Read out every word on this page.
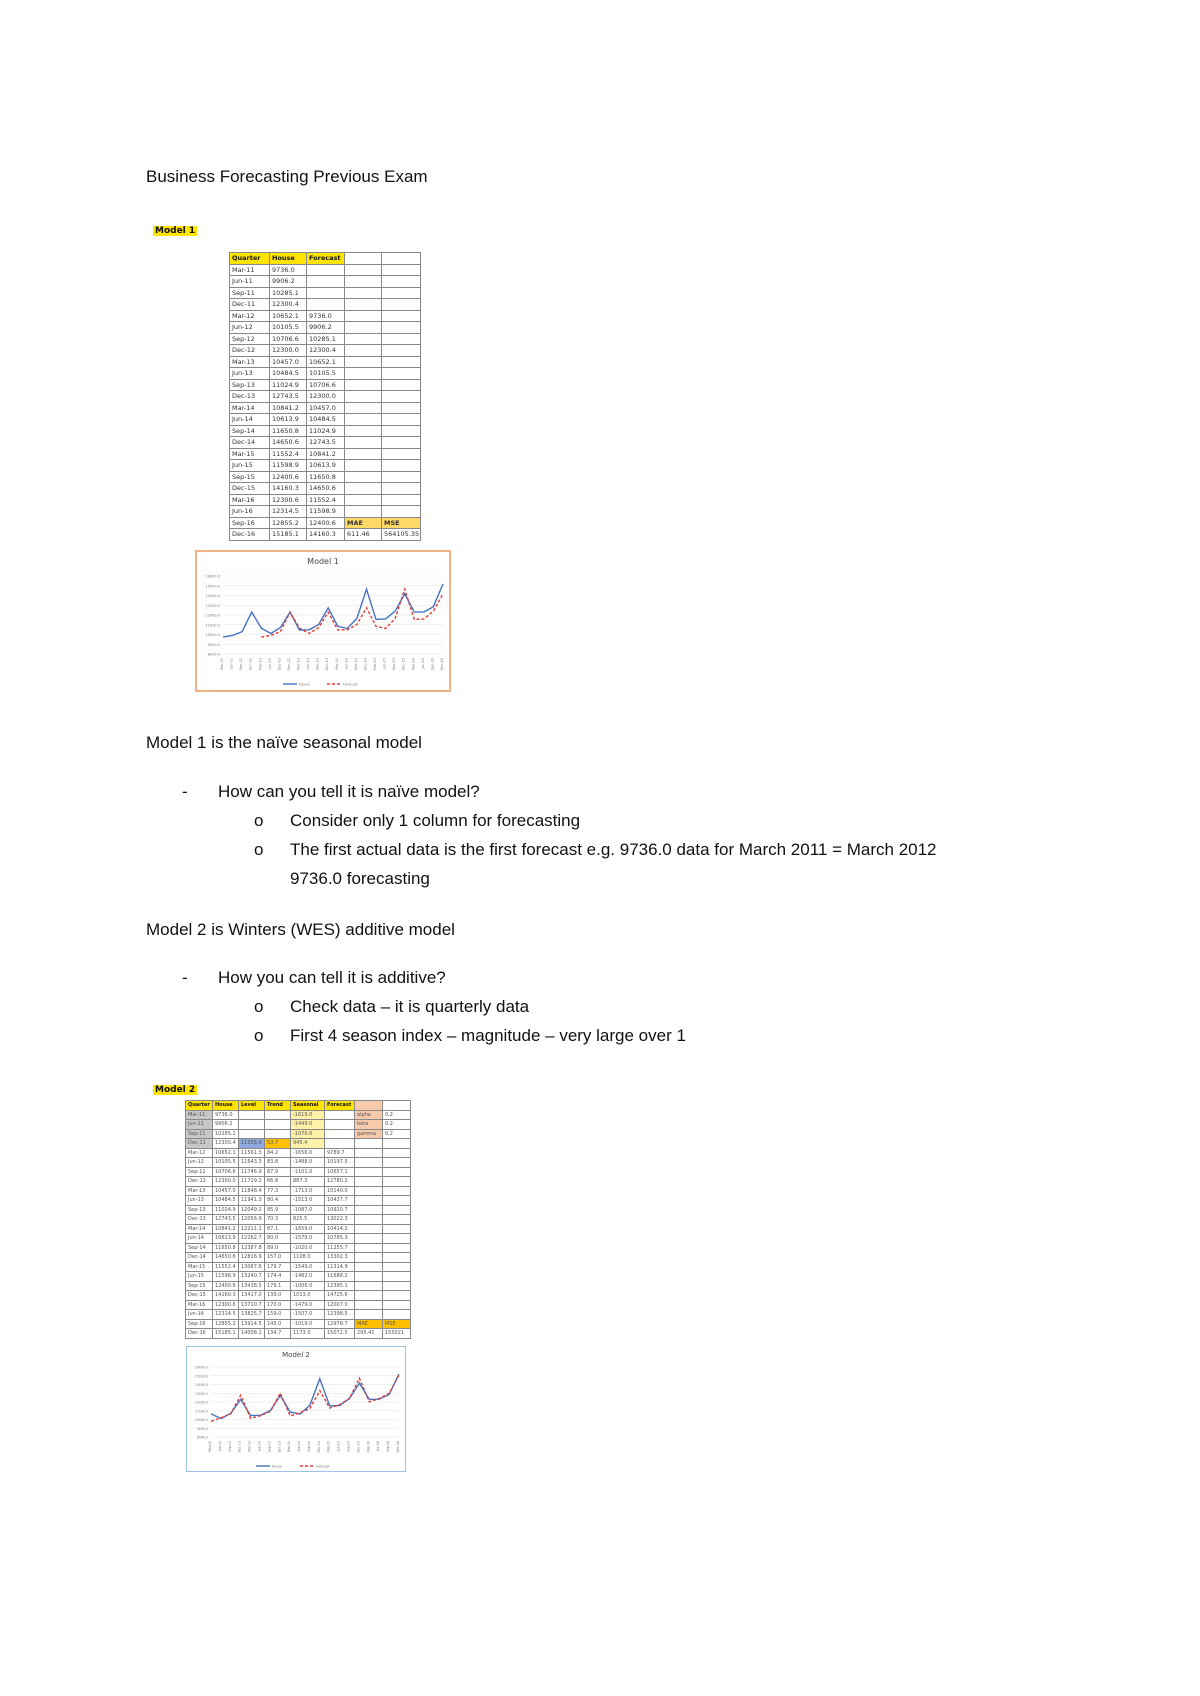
Business Forecasting Previous Exam
Model 1
Quarter	House	Forecast		
Mar-11	9736.0			
Jun-11	9906.2			
Sep-11	10285.1			
Dec-11	12300.4			
Mar-12	10652.1	9736.0		
Jun-12	10105.5	9906.2		
Sep-12	10706.6	10285.1		
Dec-12	12300.0	12300.4		
Mar-13	10457.0	10652.1		
Jun-13	10484.5	10105.5		
Sep-13	11024.9	10706.6		
Dec-13	12743.5	12300.0		
Mar-14	10841.2	10457.0		
Jun-14	10613.9	10484.5		
Sep-14	11650.8	11024.9		
Dec-14	14650.6	12743.5		
Mar-15	11552.4	10841.2		
Jun-15	11598.9	10613.9		
Sep-15	12400.6	11650.8		
Dec-15	14160.3	14650.6		
Mar-16	12300.6	11552.4		
Jun-16	12314.5	11598.9		
Sep-16	12855.2	12400.6	MAE	MSE
Dec-16	15185.1	14160.3	611.46	564105.35
Model 1
8000.0
9000.0
10000.0
11000.0
12000.0
13000.0
14000.0
15000.0
16000.0
Mar-11 Jun-11 Sep-11 Dec-11 Mar-12 Jun-12 Sep-12 Dec-12 Mar-13 Jun-13 Sep-13 Dec-13 Mar-14 Jun-14 Sep-14 Dec-14 Mar-15 Jun-15 Sep-15 Dec-15 Mar-16 Jun-16 Sep-16 Dec-16
House	Forecast
Model 1 is the naïve seasonal model
- How can you tell it is naïve model?
o Consider only 1 column for forecasting
o The first actual data is the first forecast e.g. 9736.0 data for March 2011 = March 2012
9736.0 forecasting
Model 2 is Winters (WES) additive model
- How you can tell it is additive?
o Check data – it is quarterly data
o First 4 season index – magnitude – very large over 1
Model 2
Quarter	House	Level	Trend	Seasonal	Forecast		
Mar-11	9736.0			-1619.0		alpha	0.2
Jun-11	9906.2			-1449.0		beta	0.2
Sep-11	10285.1			-1070.0		gamma	0.2
Dec-11	12300.4	11355.0	53.7	945.4			
Mar-12	10652.1	11561.3	84.2	-1656.0	9789.7		
Jun-12	10105.5	11643.3	83.8	-1488.0	10197.5		
Sep-12	10706.6	11746.9	87.9	-1101.0	10657.1		
Dec-12	12300.0	11729.2	66.8	887.3	12780.2		
Mar-13	10457.0	11848.4	77.3	-1713.0	10140.0		
Jun-13	10484.5	11941.3	80.4	-1513.0	10437.7		
Sep-13	11024.9	12049.2	85.9	-1087.0	10920.7		
Dec-13	12743.5	12056.9	70.3	825.5	13022.3		
Mar-14	10841.2	12211.1	87.1	-1659.0	10414.2		
Jun-14	10613.9	12262.7	80.0	-1579.0	10785.3		
Sep-14	11650.8	12387.8	89.0	-1020.0	11255.7		
Dec-14	14650.6	12816.9	157.0	1108.0	13302.3		
Mar-15	11552.4	13087.6	179.7	-1549.0	11314.9		
Jun-15	11598.9	13240.7	174.4	-1482.0	11688.2		
Sep-15	12400.6	13438.5	179.1	-1006.0	12395.1		
Dec-15	14160.3	13417.0	139.0	1013.0	14725.6		
Mar-16	12300.6	13710.7	170.0	-1479.0	12007.0		
Jun-16	12314.5	13825.7	159.0	-1507.0	12398.5		
Sep-16	12855.2	13914.5	145.0	-1019.0	12978.7	MAE	MSE
Dec-16	15185.1	14008.1	134.7	1173.0	15072.5	295.41	155021
Model 2
8000.0
9000.0
10000.0
11000.0
12000.0
13000.0
14000.0
15000.0
16000.0
Mar-12 Jun-12 Sep-12 Dec-12 Mar-13 Jun-13 Sep-13 Dec-13 Mar-14 Jun-14 Sep-14 Dec-14 Mar-15 Jun-15 Sep-15 Dec-15 Mar-16 Jun-16 Sep-16 Dec-16
House	Forecast
